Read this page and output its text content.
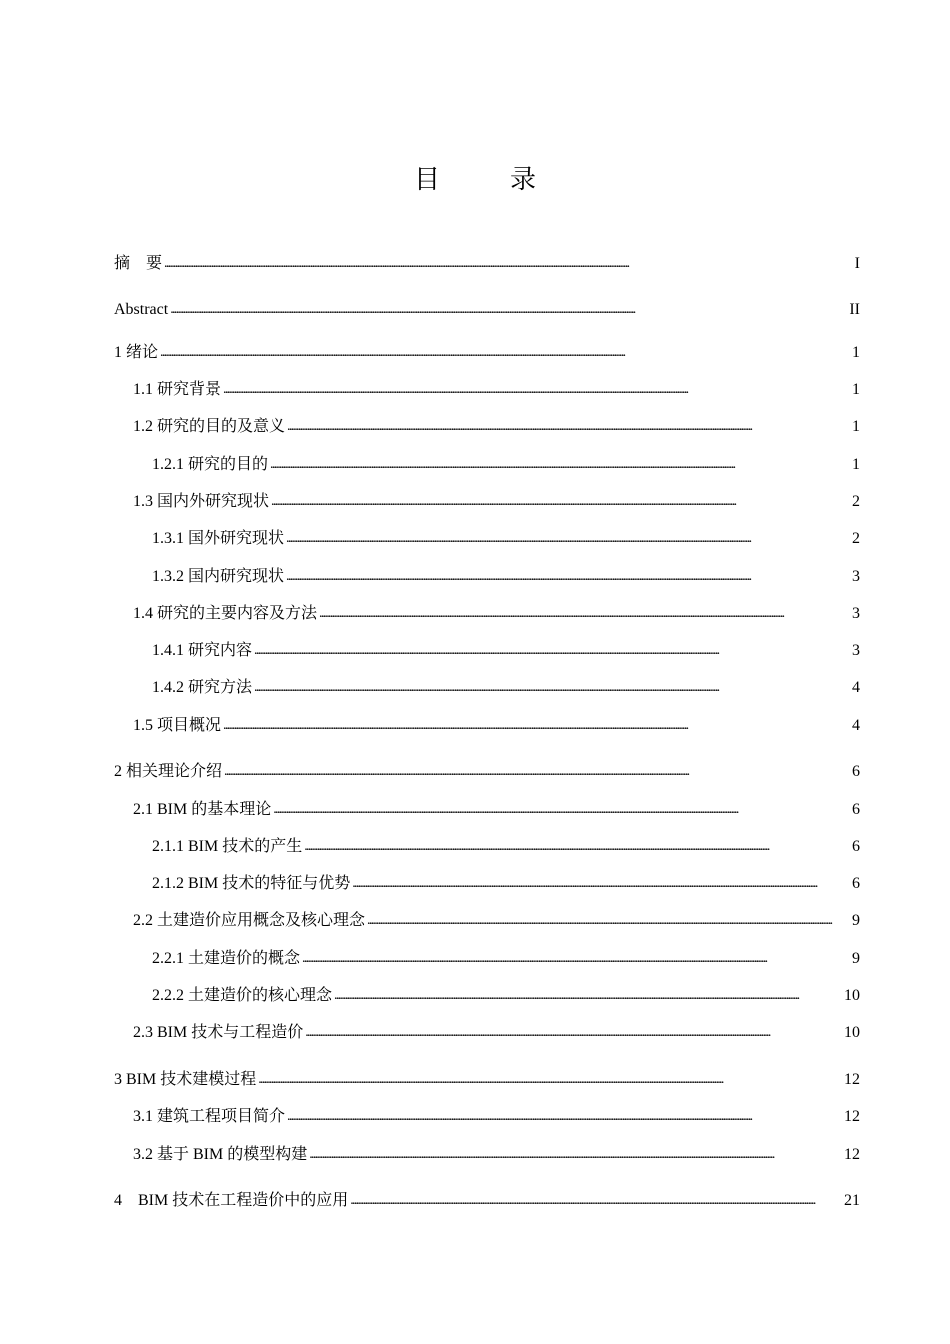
目　录
摘　要 . . .	I
Abstract . . .	II
1 绪论 . . .	1
1.1 研究背景 . . .	1
1.2 研究的目的及意义 . . .	1
1.2.1 研究的目的 . . .	1
1.3 国内外研究现状 . . .	2
1.3.1 国外研究现状 . . .	2
1.3.2 国内研究现状 . . .	3
1.4 研究的主要内容及方法 . . .	3
1.4.1 研究内容 . . .	3
1.4.2 研究方法 . . .	4
1.5 项目概况 . . .	4
2 相关理论介绍 . . .	6
2.1 BIM 的基本理论 . . .	6
2.1.1 BIM 技术的产生 . . .	6
2.1.2 BIM 技术的特征与优势 . . .	6
2.2 土建造价应用概念及核心理念 . . .	9
2.2.1 土建造价的概念 . . .	9
2.2.2 土建造价的核心理念 . . .	10
2.3 BIM 技术与工程造价 . . .	10
3 BIM 技术建模过程 . . .	12
3.1 建筑工程项目简介 . . .	12
3.2 基于 BIM 的模型构建 . . .	12
4　BIM 技术在工程造价中的应用 . . .	21
